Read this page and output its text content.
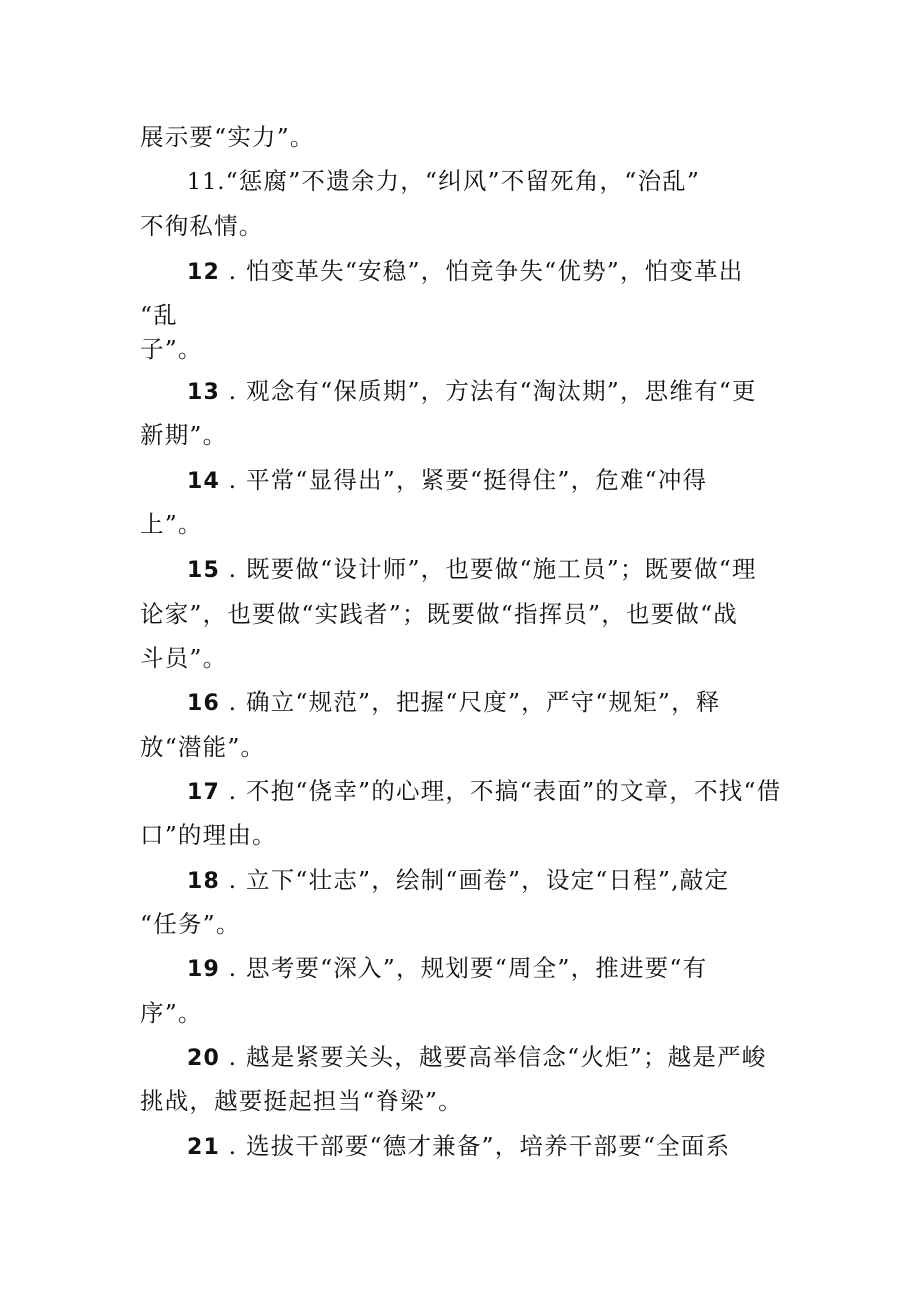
展示要“实力”。
11.“惩腐”不遗余力，“纠风”不留死角，“治乱”
不徇私情。
12 . 怕变革失“安稳”，怕竞争失“优势”，怕变革出
“乱
子”。
13 . 观念有“保质期”，方法有“淘汰期”，思维有“更
新期”。
14 . 平常“显得出”，紧要“挺得住”，危难“冲得
上”。
15 . 既要做“设计师”，也要做“施工员”；既要做“理
论家”，也要做“实践者”；既要做“指挥员”，也要做“战
斗员”。
16 . 确立“规范”，把握“尺度”，严守“规矩”，释
放“潜能”。
17 . 不抱“侥幸”的心理，不搞“表面”的文章，不找“借
口”的理由。
18 . 立下“壮志”，绘制“画卷”，设定“日程”,敲定
“任务”。
19 . 思考要“深入”，规划要“周全”，推进要“有
序”。
20 . 越是紧要关头，越要高举信念“火炬”；越是严峻
挑战，越要挺起担当“脊梁”。
21 . 选拔干部要“德才兼备”，培养干部要“全面系
